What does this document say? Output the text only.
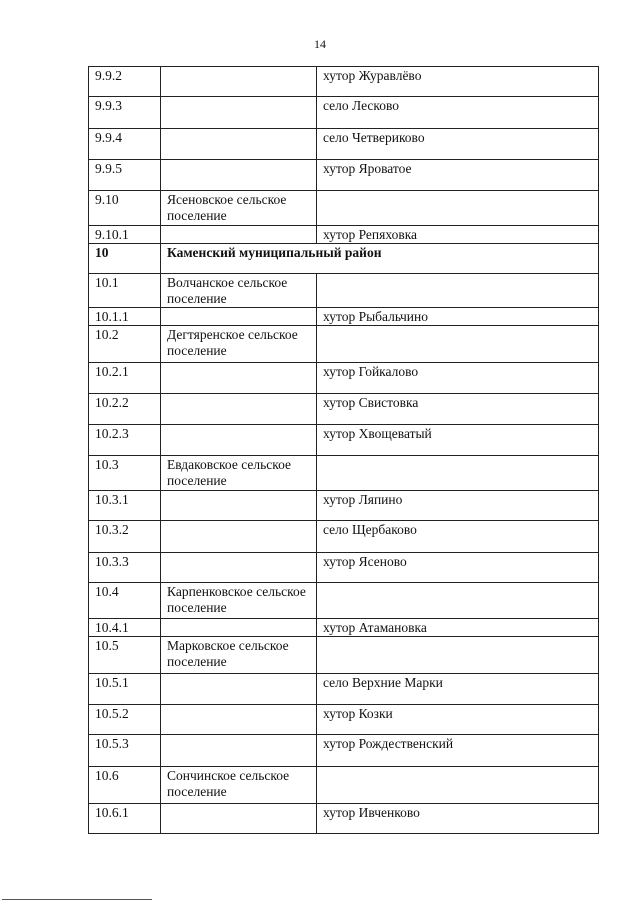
14
9.9.2		хутор Журавлёво
9.9.3		село Лесково
9.9.4		село Четвериково
9.9.5		хутор Яроватое
9.10	Ясеновское сельское поселение	
9.10.1		хутор Репяховка
10	Каменский муниципальный район	
10.1	Волчанское сельское поселение	
10.1.1		хутор Рыбальчино
10.2	Дегтяренское сельское поселение	
10.2.1		хутор Гойкалово
10.2.2		хутор Свистовка
10.2.3		хутор Хвощеватый
10.3	Евдаковское сельское поселение	
10.3.1		хутор Ляпино
10.3.2		село Щербаково
10.3.3		хутор Ясеново
10.4	Карпенковское сельское поселение	
10.4.1		хутор Атамановка
10.5	Марковское сельское поселение	
10.5.1		село Верхние Марки
10.5.2		хутор Козки
10.5.3		хутор Рождественский
10.6	Сончинское сельское поселение	
10.6.1		хутор Ивченково
